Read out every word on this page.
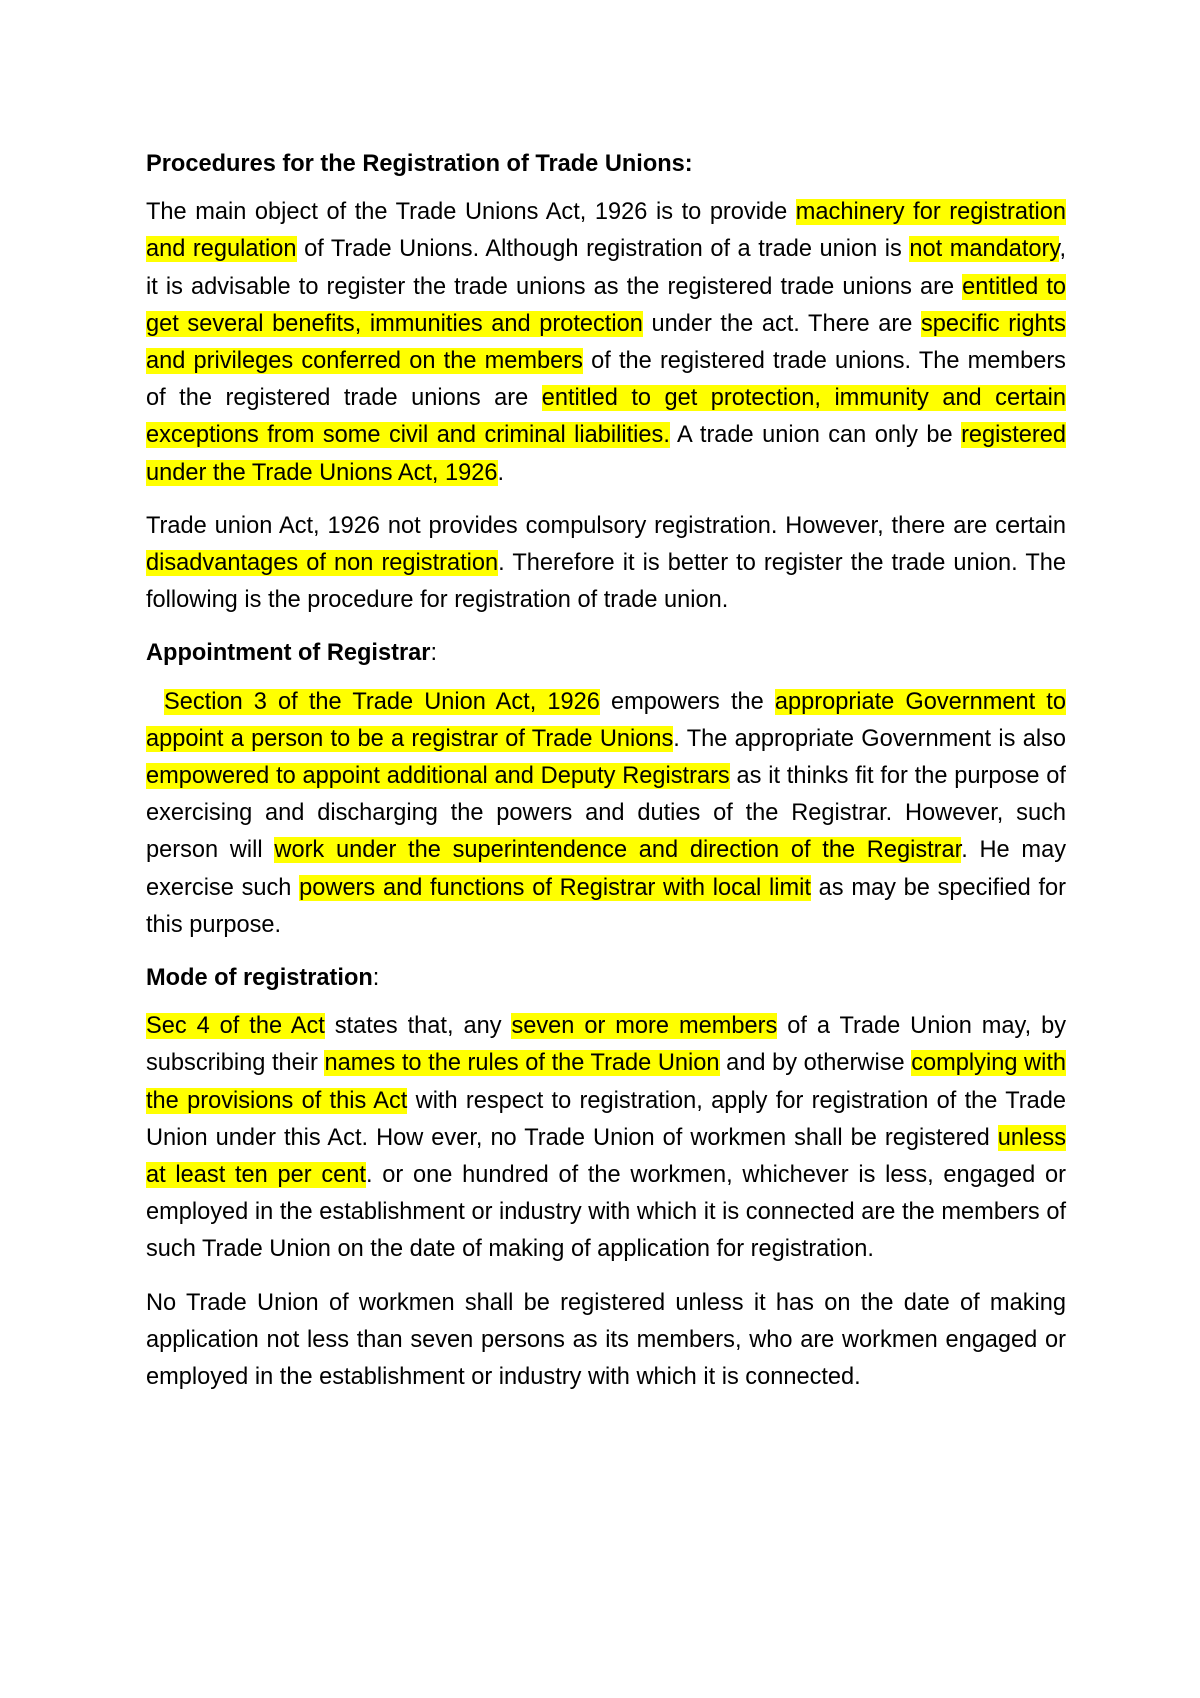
Procedures for the Registration of Trade Unions:

The main object of the Trade Unions Act, 1926 is to provide machinery for registration and regulation of Trade Unions. Although registration of a trade union is not mandatory, it is advisable to register the trade unions as the registered trade unions are entitled to get several benefits, immunities and protection under the act. There are specific rights and privileges conferred on the members of the registered trade unions. The members of the registered trade unions are entitled to get protection, immunity and certain exceptions from some civil and criminal liabilities. A trade union can only be registered under the Trade Unions Act, 1926.

Trade union Act, 1926 not provides compulsory registration. However, there are certain disadvantages of non registration. Therefore it is better to register the trade union. The following is the procedure for registration of trade union.

Appointment of Registrar:

Section 3 of the Trade Union Act, 1926 empowers the appropriate Government to appoint a person to be a registrar of Trade Unions. The appropriate Government is also empowered to appoint additional and Deputy Registrars as it thinks fit for the purpose of exercising and discharging the powers and duties of the Registrar. However, such person will work under the superintendence and direction of the Registrar. He may exercise such powers and functions of Registrar with local limit as may be specified for this purpose.

Mode of registration:

Sec 4 of the Act states that, any seven or more members of a Trade Union may, by subscribing their names to the rules of the Trade Union and by otherwise complying with the provisions of this Act with respect to registration, apply for registration of the Trade Union under this Act. How ever, no Trade Union of workmen shall be registered unless at least ten per cent. or one hundred of the workmen, whichever is less, engaged or employed in the establishment or industry with which it is connected are the members of such Trade Union on the date of making of application for registration.

No Trade Union of workmen shall be registered unless it has on the date of making application not less than seven persons as its members, who are workmen engaged or employed in the establishment or industry with which it is connected.
